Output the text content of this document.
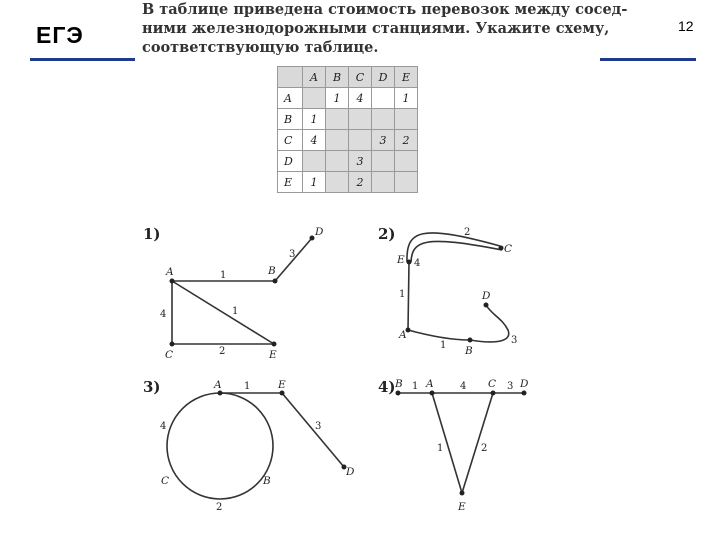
ЕГЭ	12
В таблице приведена стоимость перевозок между сосед-
ними железнодорожными станциями. Укажите схему,
соответствующую таблице.
	A	B	C	D	E
A		1	4		1
B	1				
C	4			3	2
D			3		
E	1		2		
1)	2)
3)	4)
A	B
C
D
E
1
3
4	1
2
E
C
D
A
B
2
4
1
1	3
A	E
D
C	B
1
3
4
2
B A	C D
E
1	4	3
1	2
